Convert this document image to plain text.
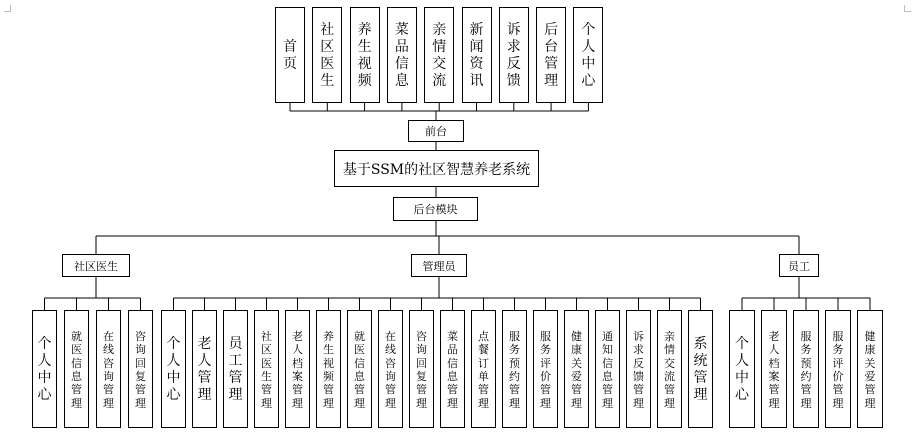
首
页
社
区
医
生
养
生
视
频
菜
品
信
息
亲
情
交
流
新
闻
资
讯
诉
求
反
馈
后
台
管
理
个
人
中
心
前台
基于SSM的社区智慧养老系统
后台模块
社区医生	管理员	员工
个
人
中
心
就
医
信
息
管
理
在
线
咨
询
管
理
咨
询
回
复
管
理
个
人
中
心
老
人
管
理
员
工
管
理
社
区
医
生
管
理
老
人
档
案
管
理
养
生
视
频
管
理
就
医
信
息
管
理
在
线
咨
询
管
理
咨
询
回
复
管
理
菜
品
信
息
管
理
点
餐
订
单
管
理
服
务
预
约
管
理
服
务
评
价
管
理
健
康
关
爱
管
理
通
知
信
息
管
理
诉
求
反
馈
管
理
亲
情
交
流
管
理
系
统
管
理
个
人
中
心
老
人
档
案
管
理
服
务
预
约
管
理
服
务
评
价
管
理
健
康
关
爱
管
理
